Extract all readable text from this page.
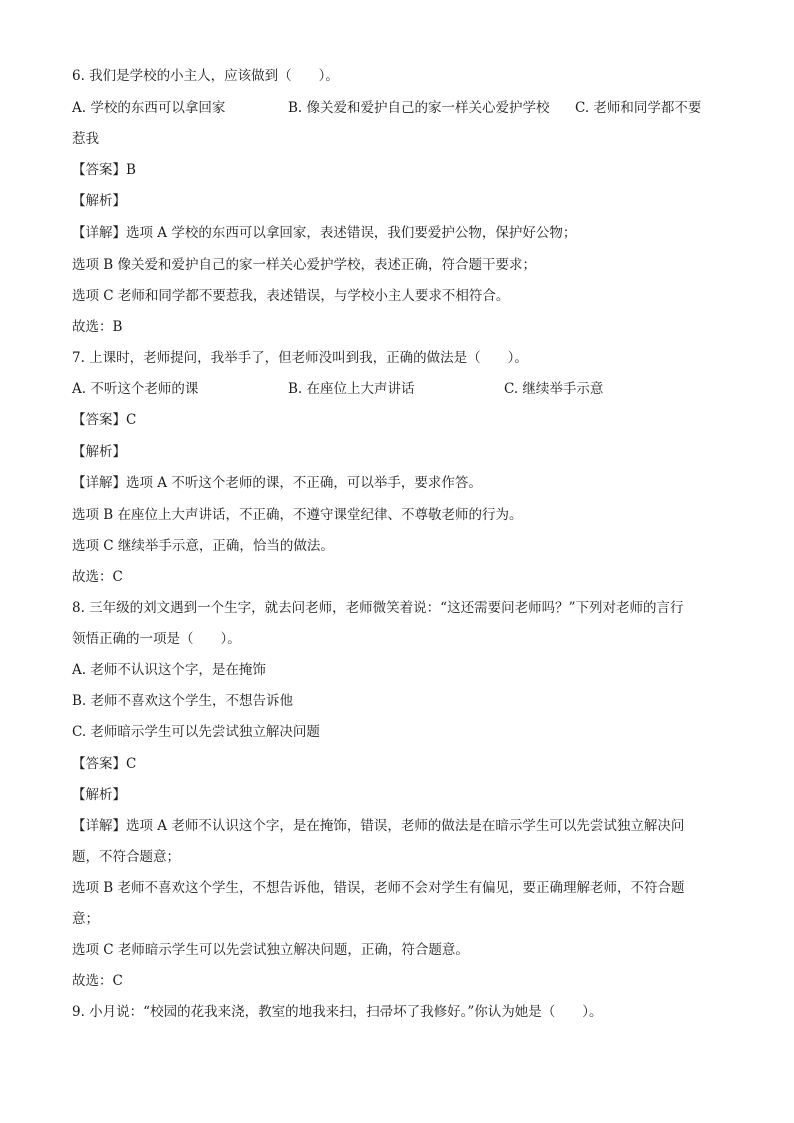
6. 我们是学校的小主人，应该做到（　　）。
A. 学校的东西可以拿回家	B. 像关爱和爱护自己的家一样关心爱护学校 C. 老师和同学都不要
惹我
【答案】B
【解析】
【详解】选项 A 学校的东西可以拿回家，表述错误，我们要爱护公物，保护好公物；
选项 B 像关爱和爱护自己的家一样关心爱护学校，表述正确，符合题干要求；
选项 C 老师和同学都不要惹我，表述错误，与学校小主人要求不相符合。
故选：B
7. 上课时，老师提问，我举手了，但老师没叫到我，正确的做法是（　　）。
A. 不听这个老师的课	B. 在座位上大声讲话	C. 继续举手示意
【答案】C
【解析】
【详解】选项 A 不听这个老师的课，不正确，可以举手，要求作答。
选项 B 在座位上大声讲话，不正确，不遵守课堂纪律、不尊敬老师的行为。
选项 C 继续举手示意，正确，恰当的做法。
故选：C
8. 三年级的刘文遇到一个生字，就去问老师，老师微笑着说：“这还需要问老师吗？”下列对老师的言行
领悟正确的一项是（　　）。
A. 老师不认识这个字，是在掩饰
B. 老师不喜欢这个学生，不想告诉他
C. 老师暗示学生可以先尝试独立解决问题
【答案】C
【解析】
【详解】选项 A 老师不认识这个字，是在掩饰，错误，老师的做法是在暗示学生可以先尝试独立解决问
题，不符合题意；
选项 B 老师不喜欢这个学生，不想告诉他，错误，老师不会对学生有偏见，要正确理解老师，不符合题
意；
选项 C 老师暗示学生可以先尝试独立解决问题，正确，符合题意。
故选：C
9. 小月说：“校园的花我来浇，教室的地我来扫，扫帚坏了我修好。”你认为她是（　　）。
